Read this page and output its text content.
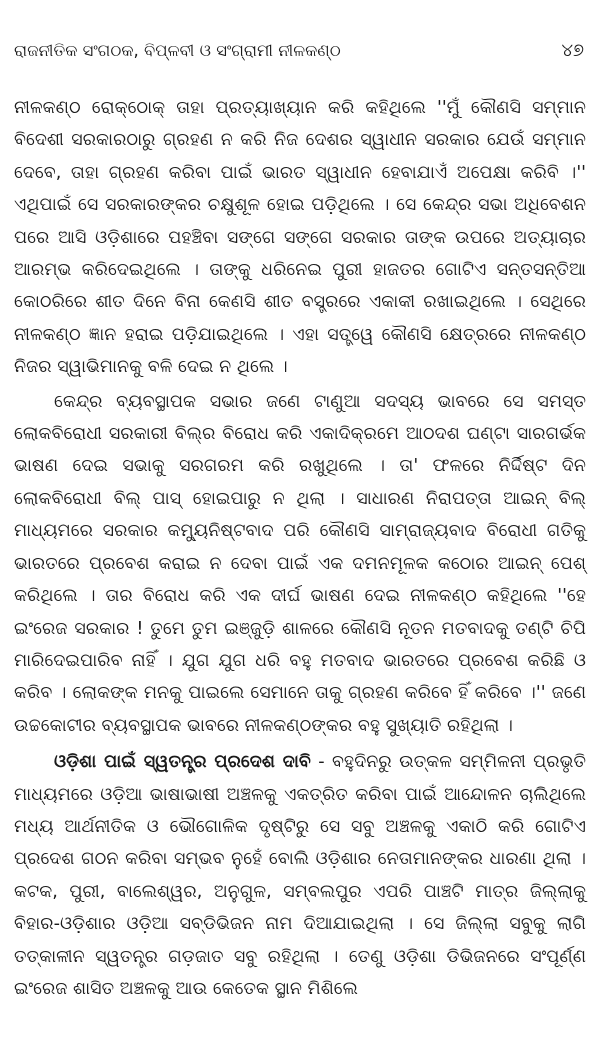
ରାଜନୀତିକ ସଂଗଠକ, ବିପ୍ଳବୀ ଓ ସଂଗ୍ରାମୀ ନୀଳକଣ୍ଠ	୪୭

ନୀଳକଣ୍ଠ ରୋକ୍‌ଠୋକ୍ ତାହା ପ୍ରତ୍ୟାଖ୍ୟାନ କରି କହିଥିଲେ ''ମୁଁ କୌଣସି ସମ୍ମାନ ବିଦେଶୀ ସରକାରଠାରୁ ଗ୍ରହଣ ନ କରି ନିଜ ଦେଶର ସ୍ୱାଧୀନ ସରକାର ଯେଉଁ ସମ୍ମାନ ଦେବେ, ତାହା ଗ୍ରହଣ କରିବା ପାଇଁ ଭାରତ ସ୍ୱାଧୀନ ହେବାଯାଏଁ ଅପେକ୍ଷା କରିବି ।'' ଏଥିପାଇଁ ସେ ସରକାରଙ୍କର ଚକ୍ଷୁଶୂଳ ହୋଇ ପଡ଼ିଥିଲେ । ସେ କେନ୍ଦ୍ର ସଭା ଅଧିବେଶନ ପରେ ଆସି ଓଡ଼ିଶାରେ ପହଞ୍ଚିବା ସଙ୍ଗେ ସଙ୍ଗେ ସରକାର ତାଙ୍କ ଉପରେ ଅତ୍ୟାଚାର ଆରମ୍ଭ କରିଦେଇଥିଲେ । ତାଙ୍କୁ ଧରିନେଇ ପୁରୀ ହାଜତର ଗୋଟିଏ ସନ୍ତସନ୍ତିଆ କୋଠରିରେ ଶୀତ ଦିନେ ବିନା କେଣସି ଶୀତ ବସ୍ତ୍ରରେ ଏକାକୀ ରଖାଇଥିଲେ । ସେଥିରେ ନୀଳକଣ୍ଠ ଜ୍ଞାନ ହରାଇ ପଡ଼ିଯାଇଥିଲେ । ଏହା ସତ୍ତ୍ୱେ କୌଣସି କ୍ଷେତ୍ରରେ ନୀଳକଣ୍ଠ ନିଜର ସ୍ୱାଭିମାନକୁ ବଳି ଦେଇ ନ ଥିଲେ ।

କେନ୍ଦ୍ର ବ୍ୟବସ୍ଥାପକ ସଭାର ଜଣେ ଟାଣୁଆ ସଦସ୍ୟ ଭାବରେ ସେ ସମସ୍ତ ଲୋକବିରୋଧୀ ସରକାରୀ ବିଲ୍‌ର ବିରୋଧ କରି ଏକାଦିକ୍ରମେ ଆଠଦଶ ଘଣ୍ଟା ସାରଗର୍ଭକ ଭାଷଣ ଦେଇ ସଭାକୁ ସରଗରମ କରି ରଖୁଥିଲେ । ତା' ଫଳରେ ନିର୍ଦ୍ଦିଷ୍ଟ ଦିନ ଲୋକବିରୋଧୀ ବିଲ୍ ପାସ୍ ହୋଇପାରୁ ନ ଥିଲା । ସାଧାରଣ ନିରାପତ୍ତା ଆଇନ୍ ବିଲ୍ ମାଧ୍ୟମରେ ସରକାର କମ୍ୟୁନିଷ୍ଟବାଦ ପରି କୌଣସି ସାମ୍ରାଜ୍ୟବାଦ ବିରୋଧୀ ଗତିକୁ ଭାରତରେ ପ୍ରବେଶ କରାଇ ନ ଦେବା ପାଇଁ ଏକ ଦମନମୂଳକ କଠୋର ଆଇନ୍ ପେଶ୍ କରିଥିଲେ । ତାର ବିରୋଧ କରି ଏକ ଦୀର୍ଘ ଭାଷଣ ଦେଇ ନୀଳକଣ୍ଠ କହିଥିଲେ ''ହେ ଇଂରେଜ ସରକାର ! ତୁମେ ତୁମ ଇଞ୍ଜୁଡ଼ି ଶାଳରେ କୌଣସି ନୂତନ ମତବାଦକୁ ତଣ୍ଟି ଚିପି ମାରିଦେଇପାରିବ ନାହିଁ । ଯୁଗ ଯୁଗ ଧରି ବହୁ ମତବାଦ ଭାରତରେ ପ୍ରବେଶ କରିଛି ଓ କରିବ । ଲୋକଙ୍କ ମନକୁ ପାଇଲେ ସେମାନେ ତାକୁ ଗ୍ରହଣ କରିବେ ହିଁ କରିବେ ।'' ଜଣେ ଉଚ୍ଚକୋଟୀର ବ୍ୟବସ୍ଥାପକ ଭାବରେ ନୀଳକଣ୍ଠଙ୍କର ବହୁ ସୁଖ୍ୟାତି ରହିଥିଲା ।

ଓଡ଼ିଶା ପାଇଁ ସ୍ୱତନ୍ତ୍ର ପ୍ରଦେଶ ଦାବି - ବହୁଦିନରୁ ଉତ୍କଳ ସମ୍ମିଳନୀ ପ୍ରଭୃତି ମାଧ୍ୟମରେ ଓଡ଼ିଆ ଭାଷାଭାଷୀ ଅଞ୍ଚଳକୁ ଏକତ୍ରିତ କରିବା ପାଇଁ ଆନ୍ଦୋଳନ ଚାଲିଥିଲେ ମଧ୍ୟ ଆର୍ଥନୀତିକ ଓ ଭୌଗୋଳିକ ଦୃଷ୍ଟିରୁ ସେ ସବୁ ଅଞ୍ଚଳକୁ ଏକାଠି କରି ଗୋଟିଏ ପ୍ରଦେଶ ଗଠନ କରିବା ସମ୍ଭବ ନୁହେଁ ବୋଲି ଓଡ଼ିଶାର ନେତାମାନଙ୍କର ଧାରଣା ଥିଲା । କଟକ, ପୁରୀ, ବାଲେଶ୍ୱର, ଅନୁଗୁଳ, ସମ୍ବଲପୁର ଏପରି ପାଞ୍ଚଟି ମାତ୍ର ଜିଲ୍ଲାକୁ ବିହାର-ଓଡ଼ିଶାର ଓଡ଼ିଆ ସବ୍‌ଡିଭିଜନ ନାମ ଦିଆଯାଇଥିଲା । ସେ ଜିଲ୍ଲା ସବୁକୁ ଲାଗି ତତ୍‌କାଳୀନ ସ୍ୱତନ୍ତ୍ର ଗଡ଼ଜାତ ସବୁ ରହିଥିଲା । ତେଣୁ ଓଡ଼ିଶା ଡିଭିଜନରେ ସଂପୂର୍ଣ୍ଣ ଇଂରେଜ ଶାସିତ ଅଞ୍ଚଳକୁ ଆଉ କେତେକ ସ୍ଥାନ ମିଶିଲେ
